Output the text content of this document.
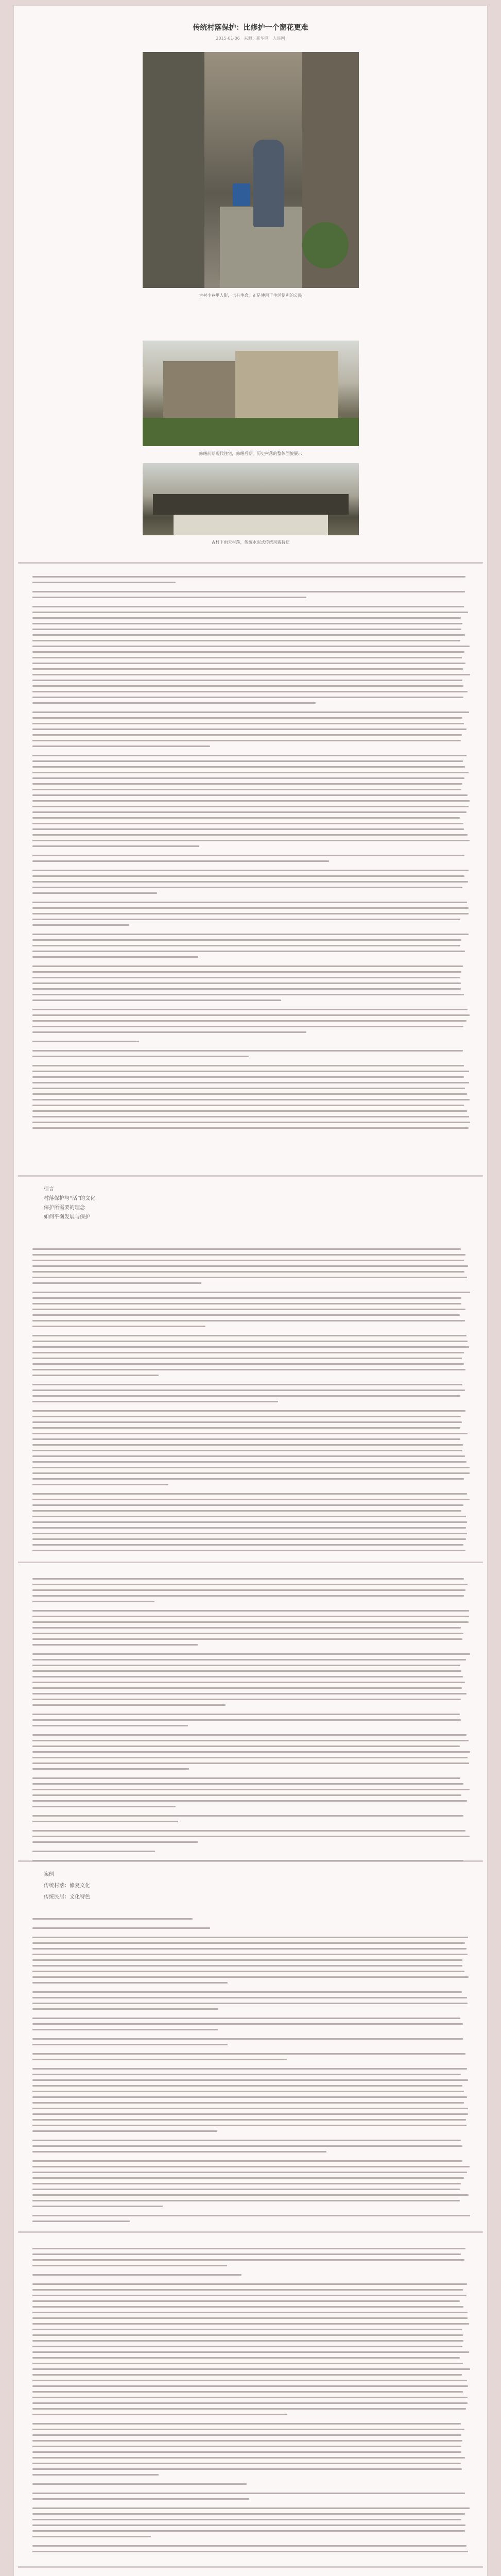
传统村落保护：比修护一个窗花更难
2015-01-06　来源：新华网　人民网
古村小巷里人影，也有生命，正是使用于生活便利的公民
修缮前期现代住宅，修缮后期，历史村落的整体面貌展示
古村下雨天村落，传统水泥式传统风貌特征
引言
村落保护与“活”的文化
保护所需要的理念
如何平衡发展与保护
案例
传统村落：修复文化
传统民居：文化特色
